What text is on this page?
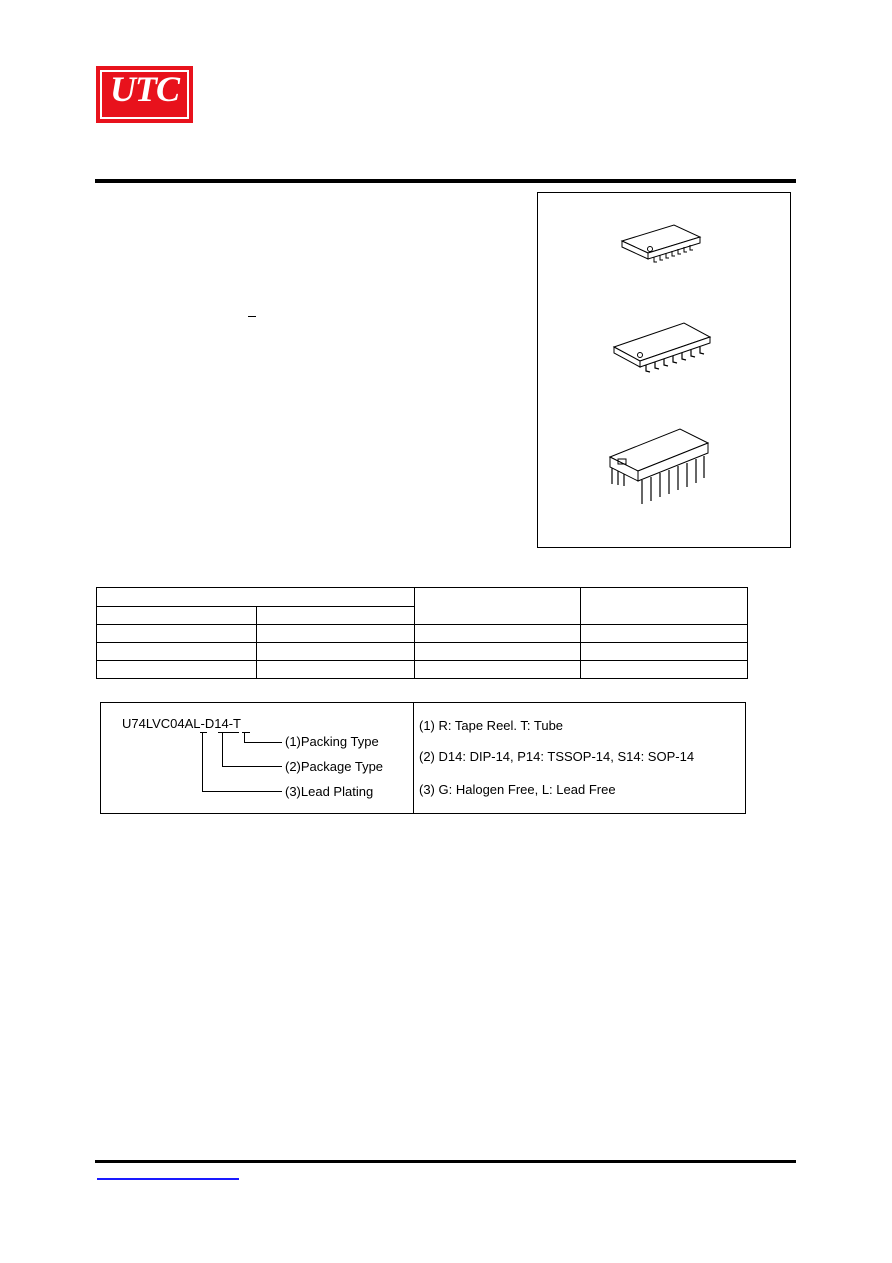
UTC

U74LVC04AL-D14-T
(1)Packing Type
(2)Package Type
(3)Lead Plating
(1) R: Tape Reel. T: Tube
(2) D14: DIP-14, P14: TSSOP-14, S14: SOP-14
(3) G: Halogen Free, L: Lead Free
